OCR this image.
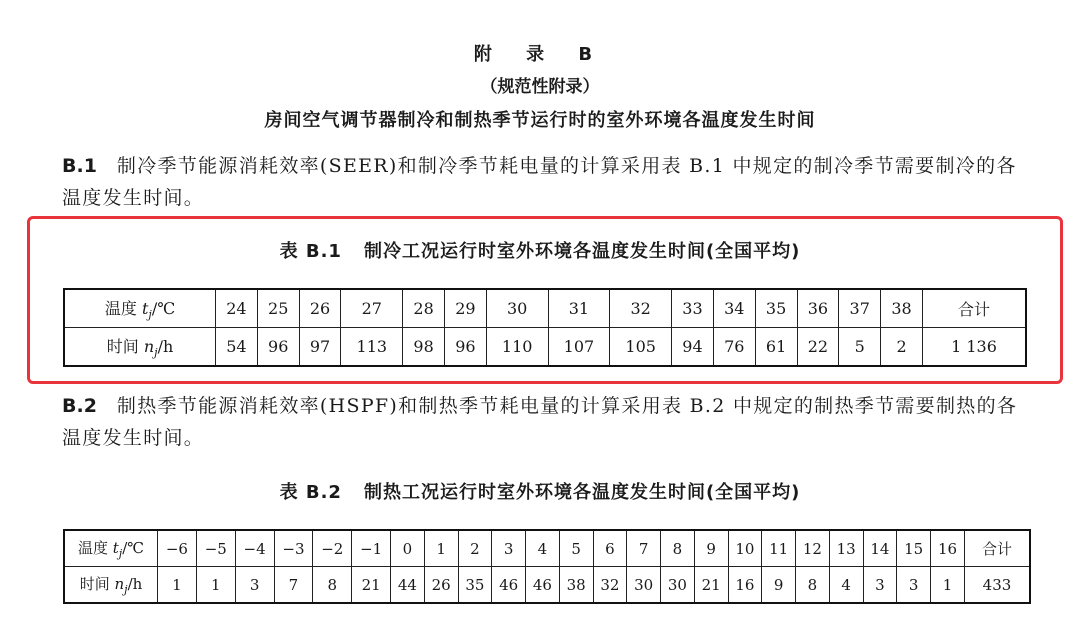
附 录 B
（规范性附录）
房间空气调节器制冷和制热季节运行时的室外环境各温度发生时间
B.1 制冷季节能源消耗效率(SEER)和制冷季节耗电量的计算采用表 B.1 中规定的制冷季节需要制冷的各温度发生时间。
表 B.1 制冷工况运行时室外环境各温度发生时间(全国平均)
温度 $t_j/℃$	24	25	26	27	28	29	30	31	32	33	34	35	36	37	38	合计
时间 $n_j/h$	54	96	97	113	98	96	110	107	105	94	76	61	22	5	2	1 136
B.2 制热季节能源消耗效率(HSPF)和制热季节耗电量的计算采用表 B.2 中规定的制热季节需要制热的各温度发生时间。
表 B.2 制热工况运行时室外环境各温度发生时间(全国平均)
温度 $t_j/℃$	−6	−5	−4	−3	−2	−1	0	1	2	3	4	5	6	7	8	9	10	11	12	13	14	15	16	合计
时间 $n_j/h$	1	1	3	7	8	21	44	26	35	46	46	38	32	30	30	21	16	9	8	4	3	3	1	433
